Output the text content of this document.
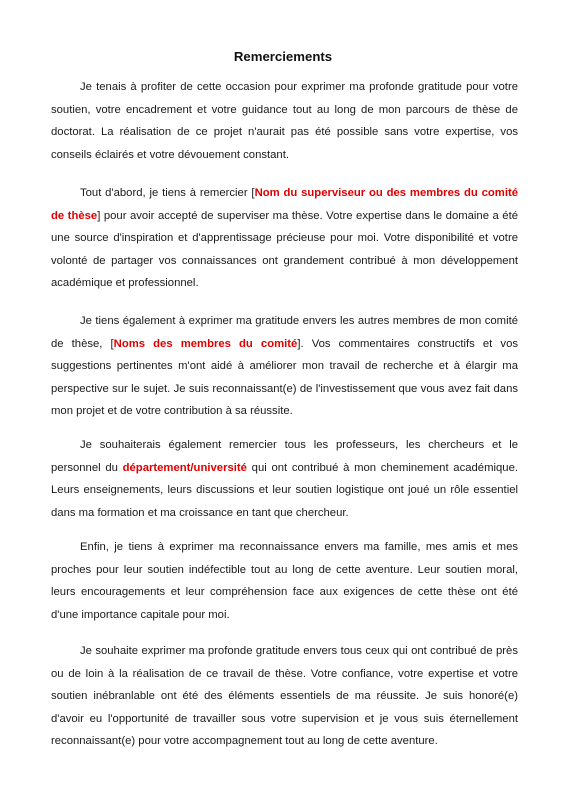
Remerciements

Je tenais à profiter de cette occasion pour exprimer ma profonde gratitude pour votre soutien, votre encadrement et votre guidance tout au long de mon parcours de thèse de doctorat. La réalisation de ce projet n'aurait pas été possible sans votre expertise, vos conseils éclairés et votre dévouement constant.

Tout d'abord, je tiens à remercier [Nom du superviseur ou des membres du comité de thèse] pour avoir accepté de superviser ma thèse. Votre expertise dans le domaine a été une source d'inspiration et d'apprentissage précieuse pour moi. Votre disponibilité et votre volonté de partager vos connaissances ont grandement contribué à mon développement académique et professionnel.

Je tiens également à exprimer ma gratitude envers les autres membres de mon comité de thèse, [Noms des membres du comité]. Vos commentaires constructifs et vos suggestions pertinentes m'ont aidé à améliorer mon travail de recherche et à élargir ma perspective sur le sujet. Je suis reconnaissant(e) de l'investissement que vous avez fait dans mon projet et de votre contribution à sa réussite.

Je souhaiterais également remercier tous les professeurs, les chercheurs et le personnel du département/université qui ont contribué à mon cheminement académique. Leurs enseignements, leurs discussions et leur soutien logistique ont joué un rôle essentiel dans ma formation et ma croissance en tant que chercheur.

Enfin, je tiens à exprimer ma reconnaissance envers ma famille, mes amis et mes proches pour leur soutien indéfectible tout au long de cette aventure. Leur soutien moral, leurs encouragements et leur compréhension face aux exigences de cette thèse ont été d'une importance capitale pour moi.

Je souhaite exprimer ma profonde gratitude envers tous ceux qui ont contribué de près ou de loin à la réalisation de ce travail de thèse. Votre confiance, votre expertise et votre soutien inébranlable ont été des éléments essentiels de ma réussite. Je suis honoré(e) d'avoir eu l'opportunité de travailler sous votre supervision et je vous suis éternellement reconnaissant(e) pour votre accompagnement tout au long de cette aventure.
